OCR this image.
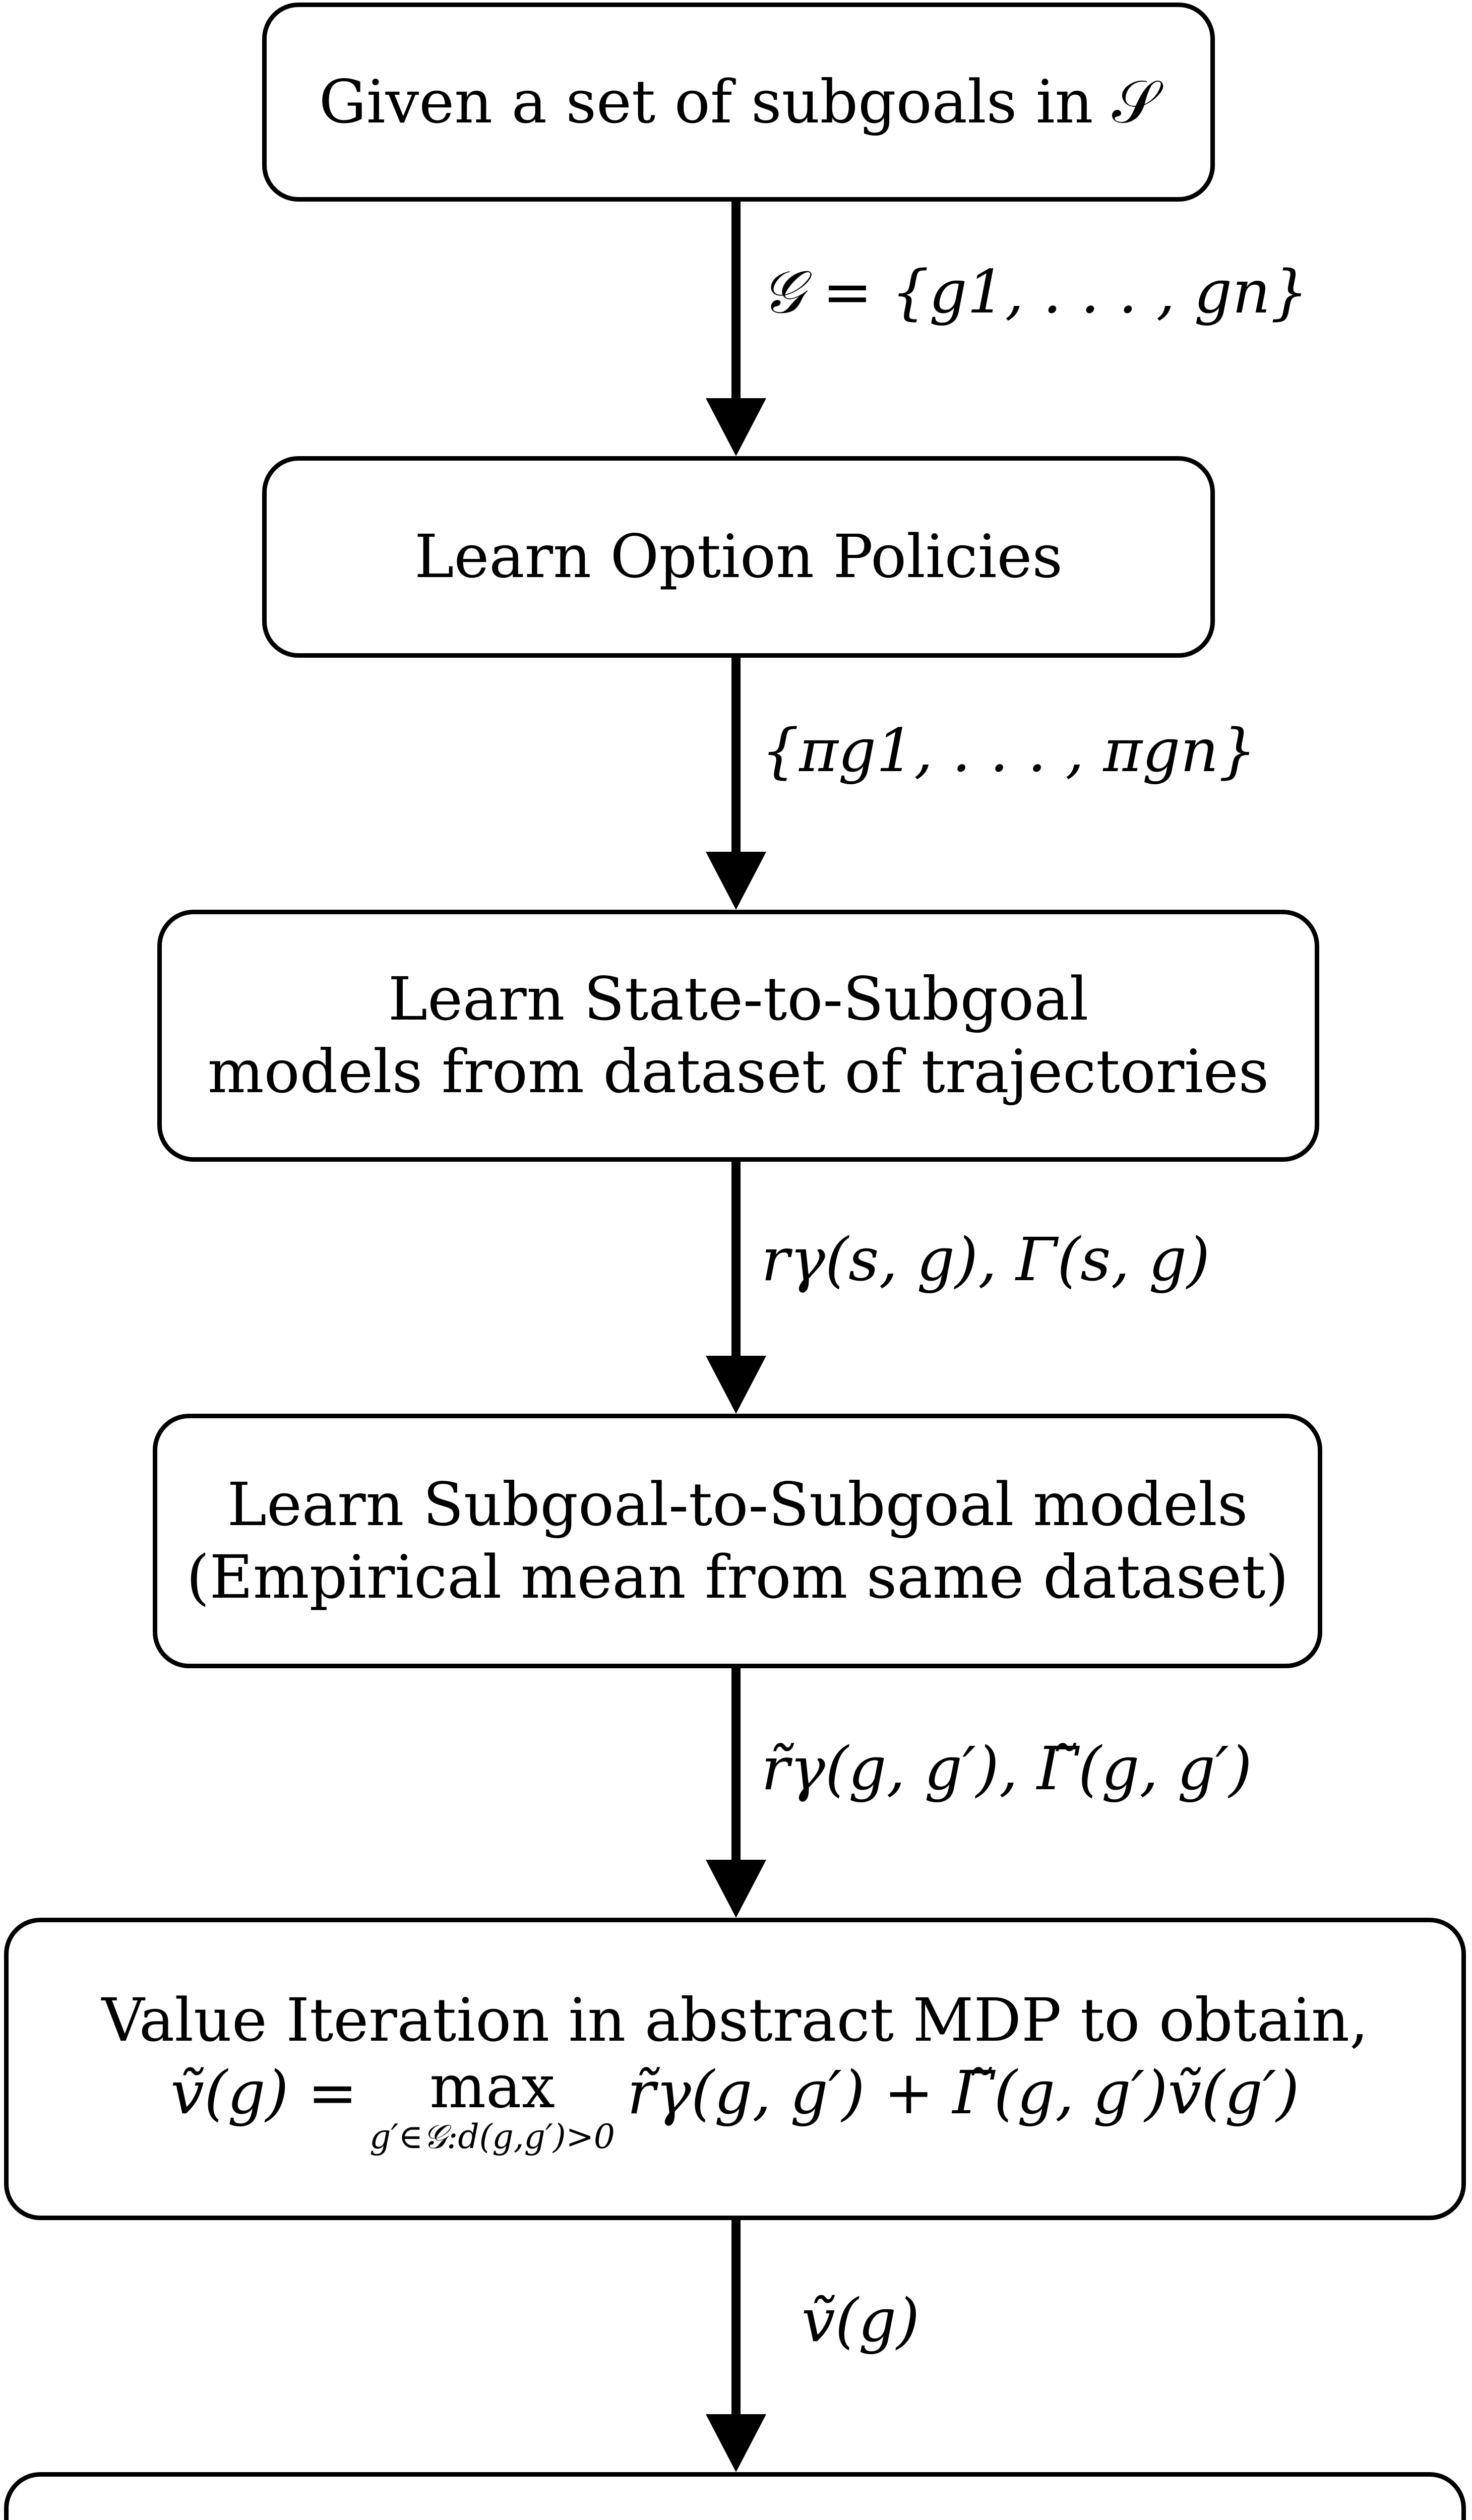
Given a set of subgoals in 𝒮
Learn Option Policies
Learn State-to-Subgoal
models from dataset of trajectories
Learn Subgoal-to-Subgoal models
(Empirical mean from same dataset)
Value Iteration in abstract MDP to obtain,
ṽ(g) = max
g′∈𝒢:d(g,g′)>0
r̃γ(g, g′) + Γ̃(g, g′)ṽ(g′)
𝒢 = {g1, . . . , gn}
{πg1, . . . , πgn}
rγ(s, g), Γ(s, g)
r̃γ(g, g′), Γ̃(g, g′)
ṽ(g)
